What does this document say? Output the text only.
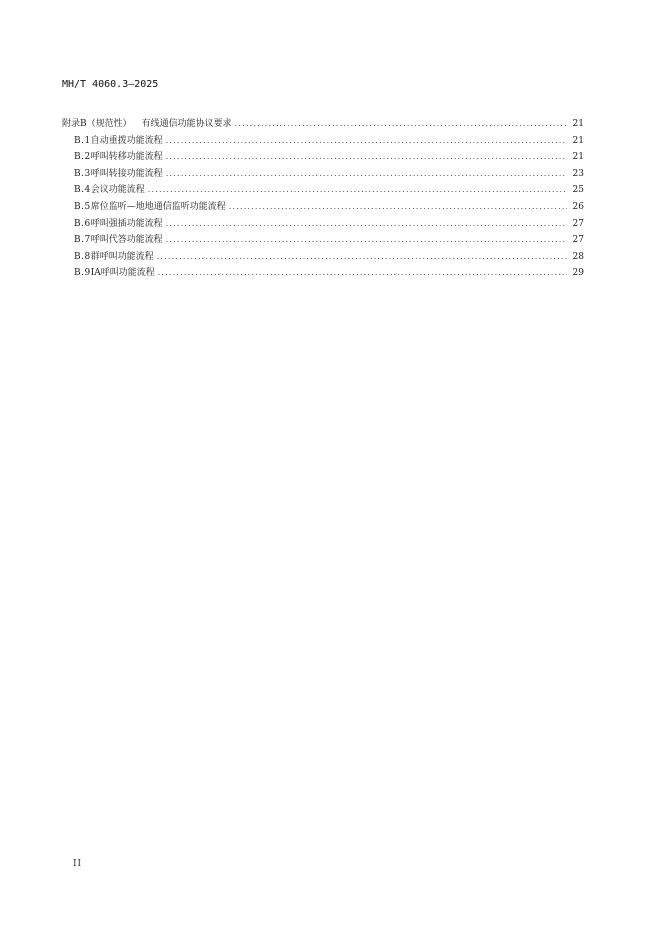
MH/T 4060.3—2025
附录B（规范性） 有线通信功能协议要求 .....	21
B.1 自动重拨功能流程 .....	21
B.2 呼叫转移功能流程 .....	21
B.3 呼叫转接功能流程 .....	23
B.4 会议功能流程 .....	25
B.5 席位监听—地地通信监听功能流程 .....	26
B.6 呼叫强插功能流程 .....	27
B.7 呼叫代答功能流程 .....	27
B.8 群呼叫功能流程 .....	28
B.9 IA呼叫功能流程 .....	29
II
